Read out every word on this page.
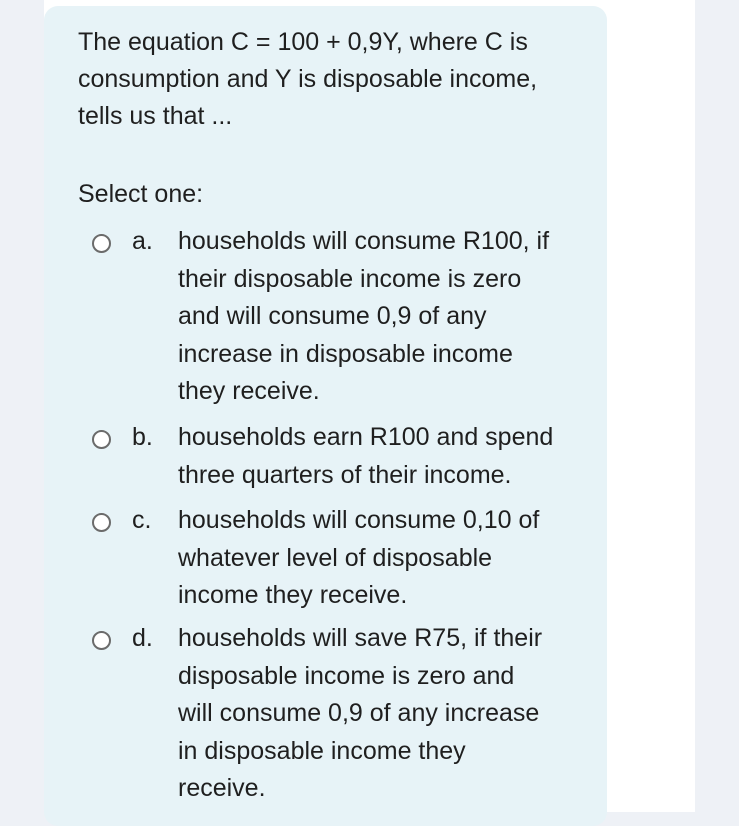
The equation C = 100 + 0,9Y, where C is
consumption and Y is disposable income,
tells us that ...
Select one:
a. households will consume R100, if
their disposable income is zero
and will consume 0,9 of any
increase in disposable income
they receive.
b. households earn R100 and spend
three quarters of their income.
c. households will consume 0,10 of
whatever level of disposable
income they receive.
d. households will save R75, if their
disposable income is zero and
will consume 0,9 of any increase
in disposable income they
receive.
